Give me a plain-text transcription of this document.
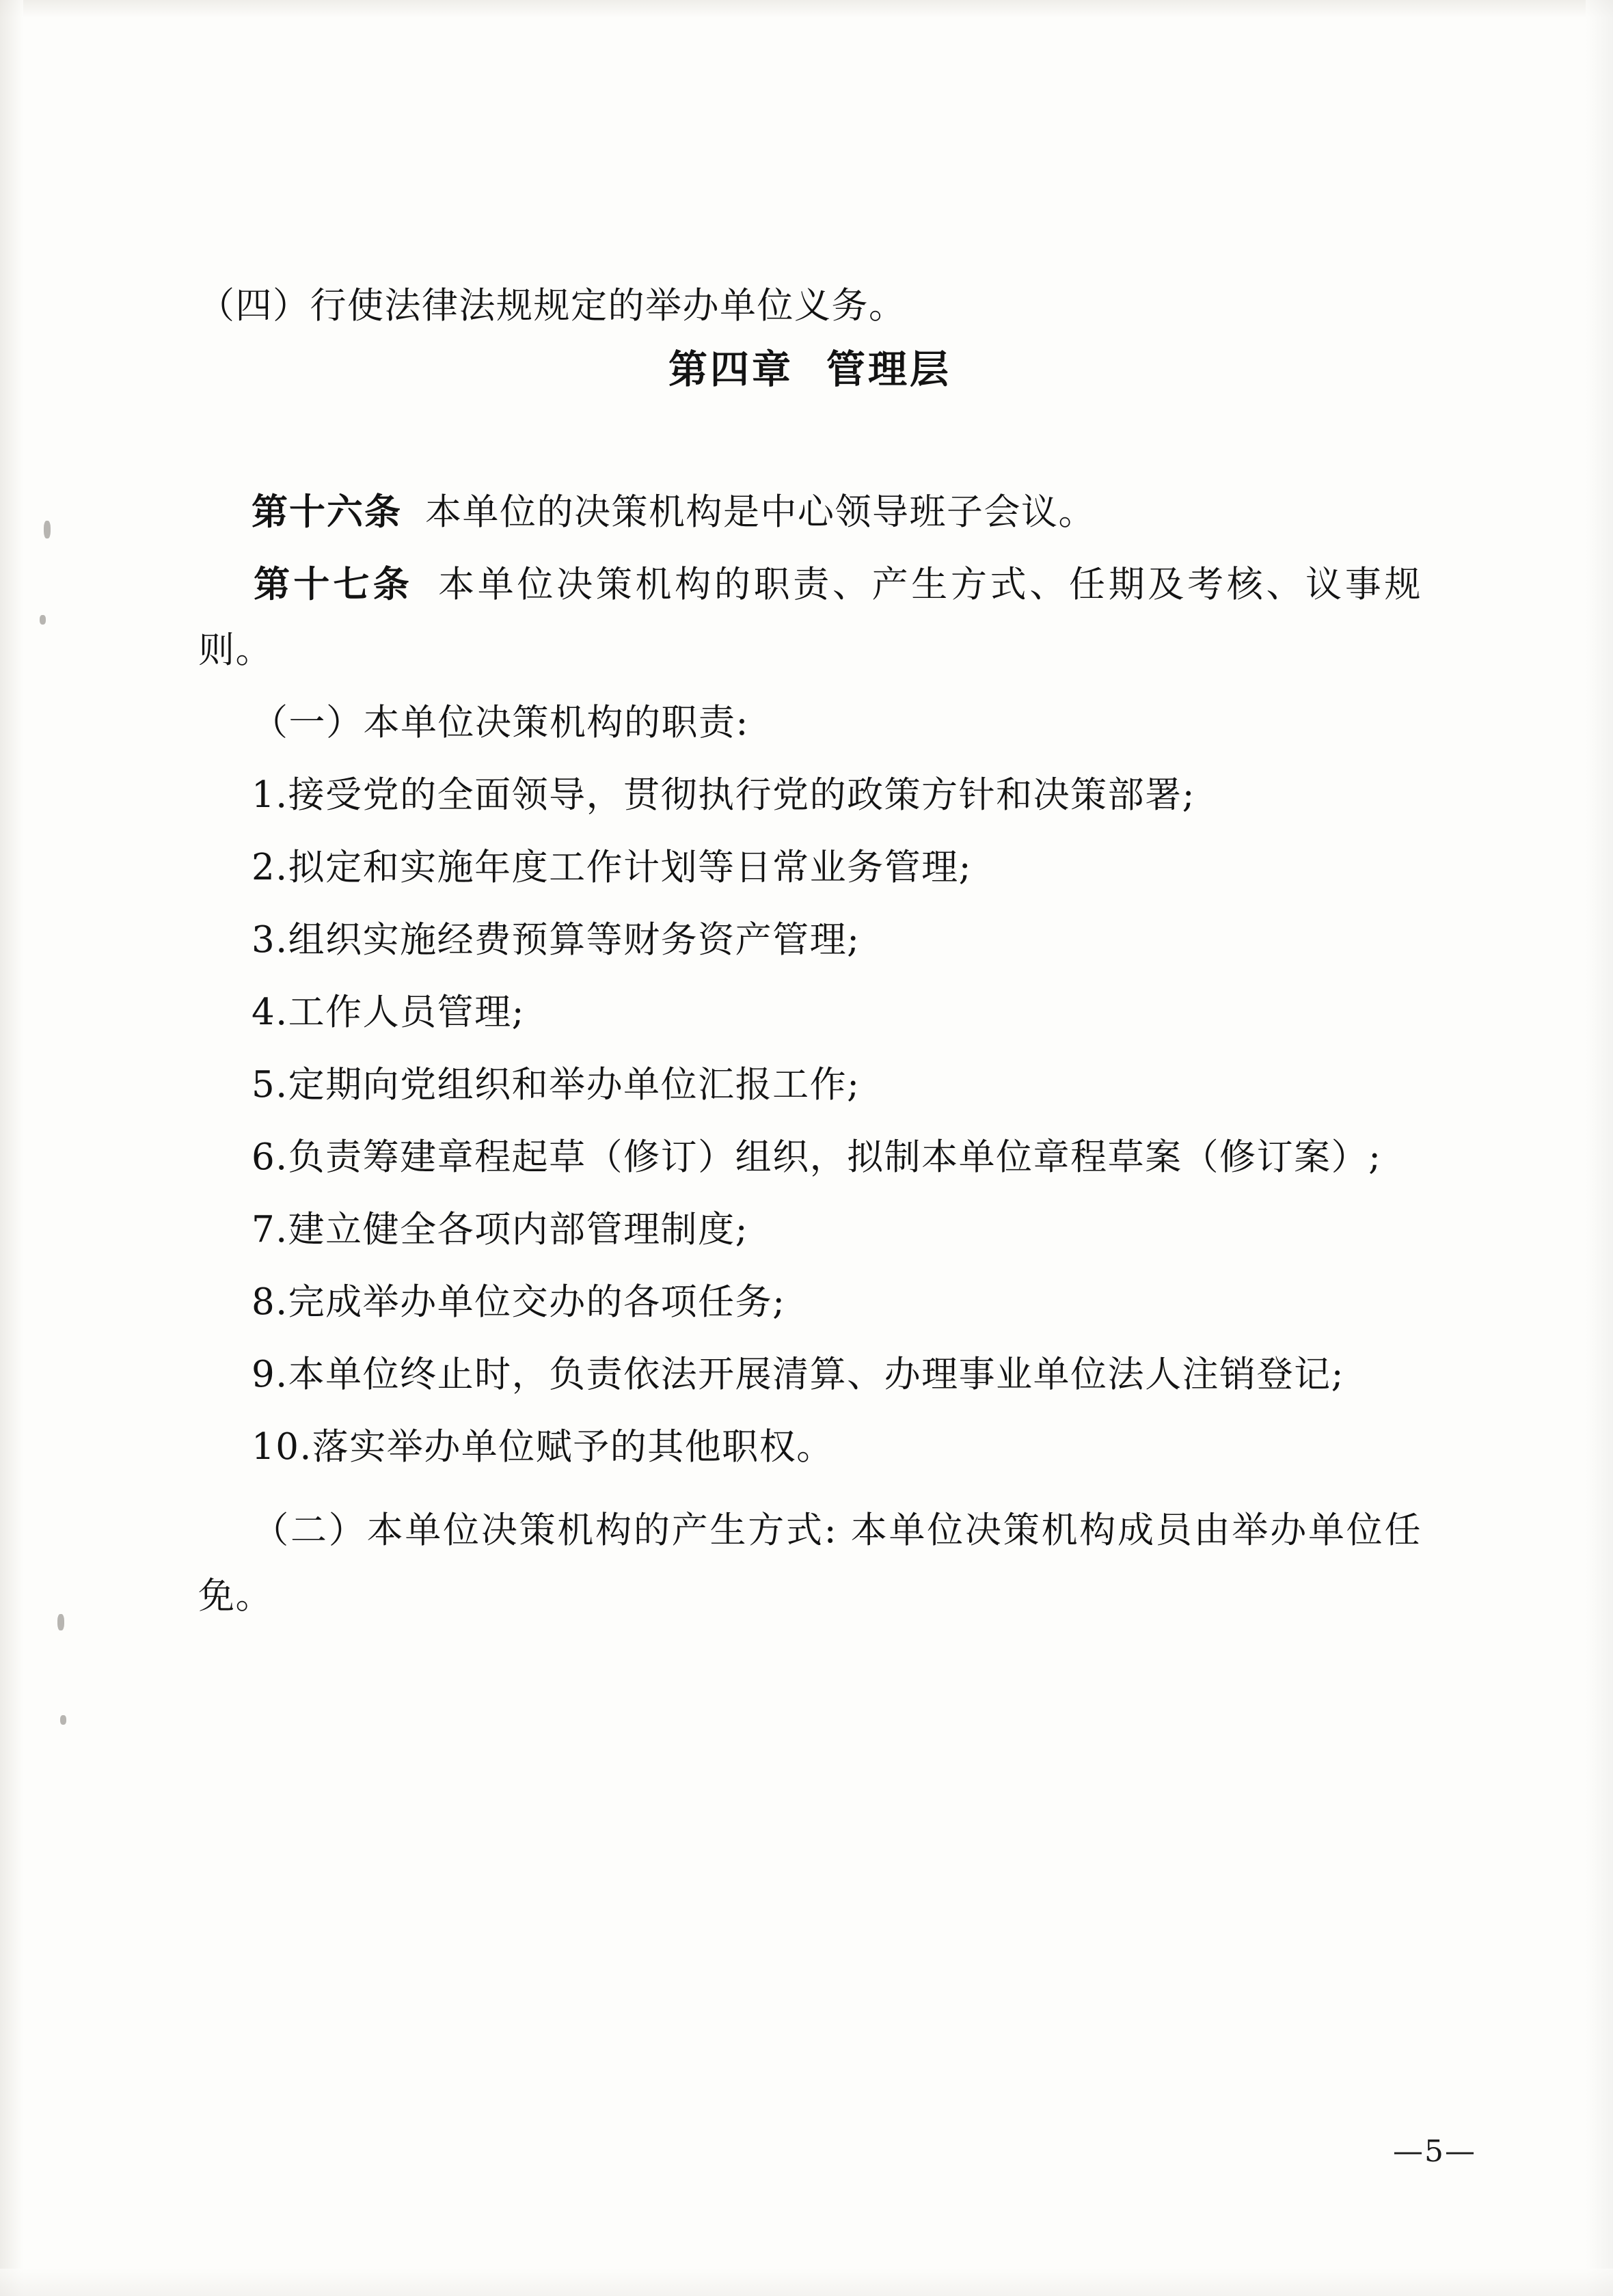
（四）行使法律法规规定的举办单位义务。

第四章 管理层

第十六条 本单位的决策机构是中心领导班子会议。

第十七条 本单位决策机构的职责、产生方式、任期及考核、议事规则。

（一）本单位决策机构的职责:

1.接受党的全面领导，贯彻执行党的政策方针和决策部署;

2.拟定和实施年度工作计划等日常业务管理;

3.组织实施经费预算等财务资产管理;

4.工作人员管理;

5.定期向党组织和举办单位汇报工作;

6.负责筹建章程起草（修订）组织，拟制本单位章程草案（修订案）;

7.建立健全各项内部管理制度;

8.完成举办单位交办的各项任务;

9.本单位终止时，负责依法开展清算、办理事业单位法人注销登记;

10.落实举办单位赋予的其他职权。

（二）本单位决策机构的产生方式: 本单位决策机构成员由举办单位任免。

—5—
